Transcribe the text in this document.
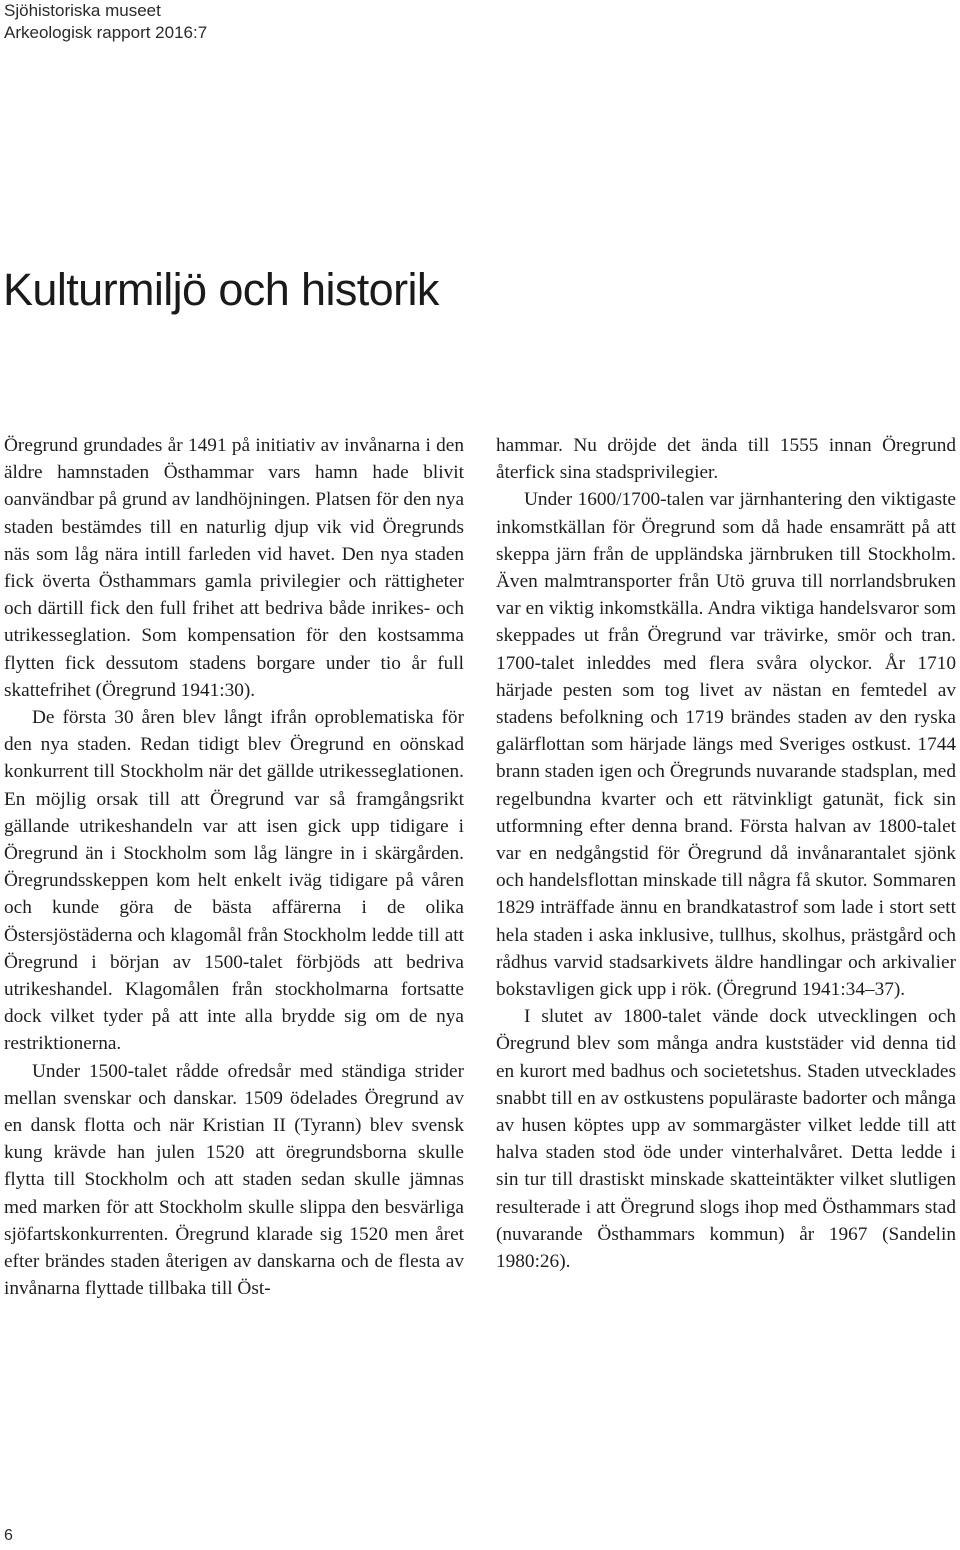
Sjöhistoriska museet
Arkeologisk rapport 2016:7
Kulturmiljö och historik

Öregrund grundades år 1491 på initiativ av invånarna i den äldre hamnstaden Östhammar vars hamn hade blivit oanvändbar på grund av landhöjningen. Platsen för den nya staden bestämdes till en naturlig djup vik vid Öregrunds näs som låg nära intill farleden vid havet. Den nya staden fick överta Östhammars gamla privilegier och rättigheter och därtill fick den full frihet att bedriva både inrikes- och utrikesseglation. Som kompensation för den kostsamma flytten fick dessutom stadens borgare under tio år full skattefrihet (Öregrund 1941:30).

De första 30 åren blev långt ifrån oproblematiska för den nya staden. Redan tidigt blev Öregrund en oönskad konkurrent till Stockholm när det gällde utrikesseglationen. En möjlig orsak till att Öregrund var så framgångsrikt gällande utrikeshandeln var att isen gick upp tidigare i Öregrund än i Stockholm som låg längre in i skärgården. Öregrundsskeppen kom helt enkelt iväg tidigare på våren och kunde göra de bästa affärerna i de olika Östersjöstäderna och klagomål från Stockholm ledde till att Öregrund i början av 1500-talet förbjöds att bedriva utrikeshandel. Klagomålen från stockholmarna fortsatte dock vilket tyder på att inte alla brydde sig om de nya restriktionerna.

Under 1500-talet rådde ofredsår med ständiga strider mellan svenskar och danskar. 1509 ödelades Öregrund av en dansk flotta och när Kristian II (Tyrann) blev svensk kung krävde han julen 1520 att öregrundsborna skulle flytta till Stockholm och att staden sedan skulle jämnas med marken för att Stockholm skulle slippa den besvärliga sjöfartskonkurrenten. Öregrund klarade sig 1520 men året efter brändes staden återigen av danskarna och de flesta av invånarna flyttade tillbaka till Öst-

hammar. Nu dröjde det ända till 1555 innan Öregrund återfick sina stadsprivilegier.

Under 1600/1700-talen var järnhantering den viktigaste inkomstkällan för Öregrund som då hade ensamrätt på att skeppa järn från de uppländska järnbruken till Stockholm. Även malmtransporter från Utö gruva till norrlandsbruken var en viktig inkomstkälla. Andra viktiga handelsvaror som skeppades ut från Öregrund var trävirke, smör och tran. 1700-talet inleddes med flera svåra olyckor. År 1710 härjade pesten som tog livet av nästan en femtedel av stadens befolkning och 1719 brändes staden av den ryska galärflottan som härjade längs med Sveriges ostkust. 1744 brann staden igen och Öregrunds nuvarande stadsplan, med regelbundna kvarter och ett rätvinkligt gatunät, fick sin utformning efter denna brand. Första halvan av 1800-talet var en nedgångstid för Öregrund då invånarantalet sjönk och handelsflottan minskade till några få skutor. Sommaren 1829 inträffade ännu en brandkatastrof som lade i stort sett hela staden i aska inklusive, tullhus, skolhus, prästgård och rådhus varvid stadsarkivets äldre handlingar och arkivalier bokstavligen gick upp i rök. (Öregrund 1941:34–37).

I slutet av 1800-talet vände dock utvecklingen och Öregrund blev som många andra kuststäder vid denna tid en kurort med badhus och societetshus. Staden utvecklades snabbt till en av ostkustens populäraste badorter och många av husen köptes upp av sommargäster vilket ledde till att halva staden stod öde under vinterhalvåret. Detta ledde i sin tur till drastiskt minskade skatteintäkter vilket slutligen resulterade i att Öregrund slogs ihop med Östhammars stad (nuvarande Östhammars kommun) år 1967 (Sandelin 1980:26).

6
